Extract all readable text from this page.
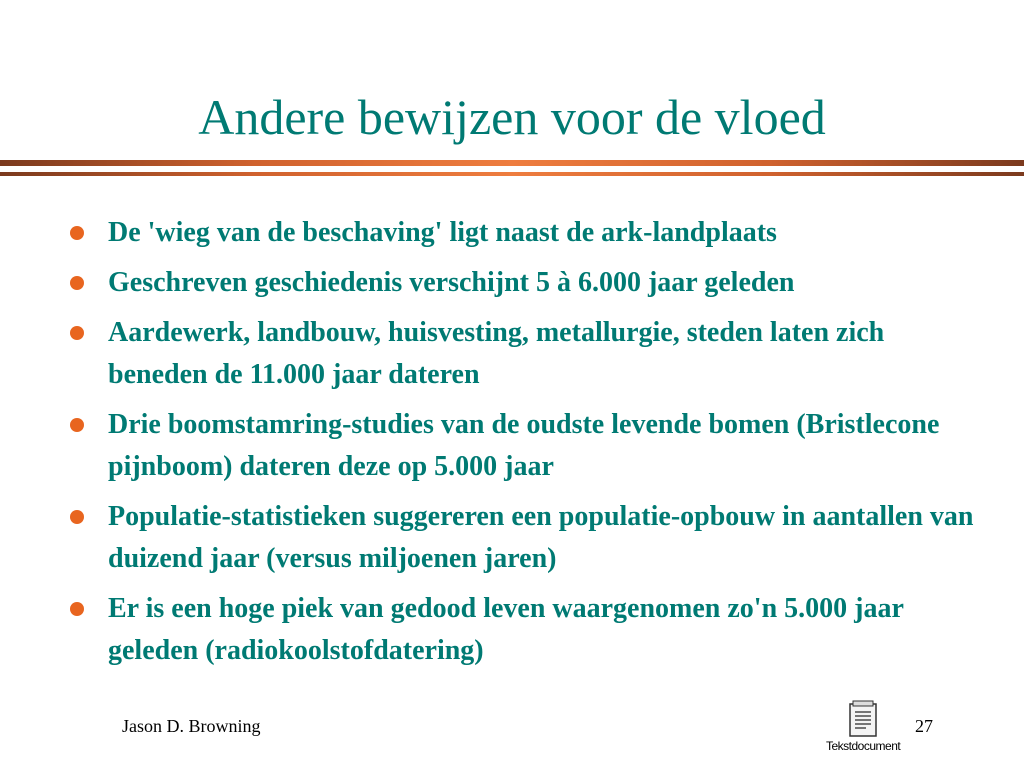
Andere bewijzen voor de vloed
De 'wieg van de beschaving' ligt naast de ark-landplaats
Geschreven geschiedenis verschijnt 5 à 6.000 jaar geleden
Aardewerk, landbouw, huisvesting, metallurgie, steden laten zich beneden de 11.000 jaar dateren
Drie boomstamring-studies van de oudste levende bomen (Bristlecone pijnboom) dateren deze op 5.000 jaar
Populatie-statistieken suggereren een populatie-opbouw in aantallen van duizend jaar (versus miljoenen jaren)
Er is een hoge piek van gedood leven waargenomen zo'n 5.000 jaar geleden (radiokoolstofdatering)
Jason D. Browning
Tekstdocument
27
